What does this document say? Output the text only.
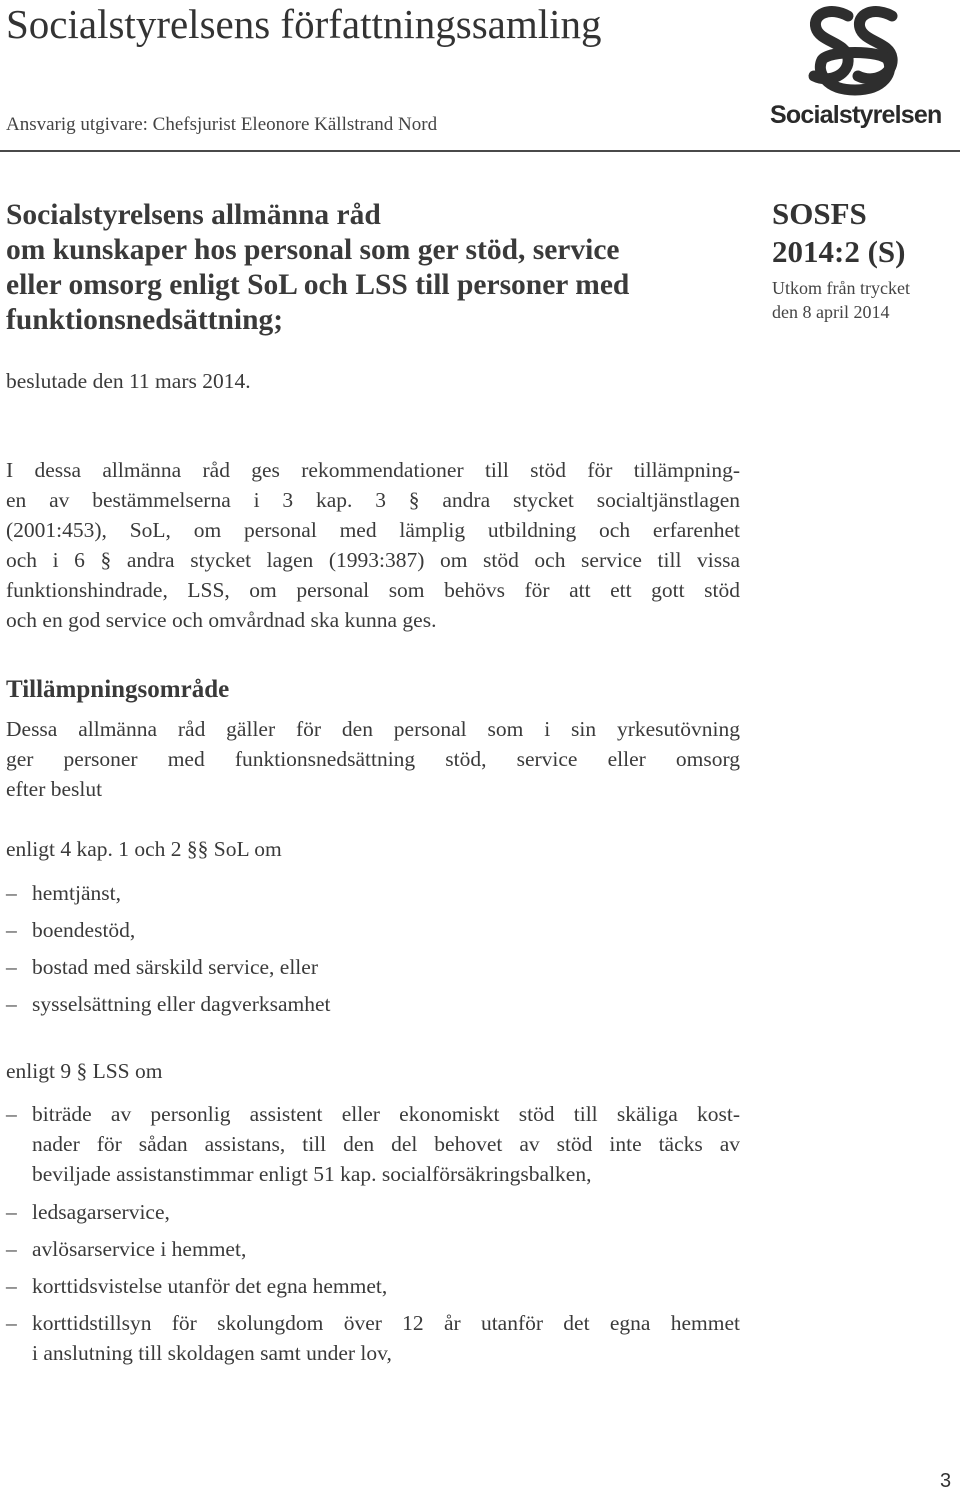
Socialstyrelsens författningssamling
Ansvarig utgivare: Chefsjurist Eleonore Källstrand Nord	Socialstyrelsen
Socialstyrelsens allmänna råd
om kunskaper hos personal som ger stöd, service
eller omsorg enligt SoL och LSS till personer med
funktionsnedsättning;
SOSFS
2014:2 (S)
Utkom från trycket
den 8 april 2014
beslutade den 11 mars 2014.
I dessa allmänna råd ges rekommendationer till stöd för tillämpning-
en av bestämmelserna i 3 kap. 3 § andra stycket socialtjänstlagen
(2001:453), SoL, om personal med lämplig utbildning och erfarenhet
och i 6 § andra stycket lagen (1993:387) om stöd och service till vissa
funktionshindrade, LSS, om personal som behövs för att ett gott stöd
och en god service och omvårdnad ska kunna ges.
Tillämpningsområde
Dessa allmänna råd gäller för den personal som i sin yrkesutövning
ger personer med funktionsnedsättning stöd, service eller omsorg
efter beslut
enligt 4 kap. 1 och 2 §§ SoL om
– hemtjänst,
– boendestöd,
– bostad med särskild service, eller
– sysselsättning eller dagverksamhet
enligt 9 § LSS om
– biträde av personlig assistent eller ekonomiskt stöd till skäliga kost-
nader för sådan assistans, till den del behovet av stöd inte täcks av
beviljade assistanstimmar enligt 51 kap. socialförsäkringsbalken,
– ledsagarservice,
– avlösarservice i hemmet,
– korttidsvistelse utanför det egna hemmet,
– korttidstillsyn för skolungdom över 12 år utanför det egna hemmet
i anslutning till skoldagen samt under lov,
3
